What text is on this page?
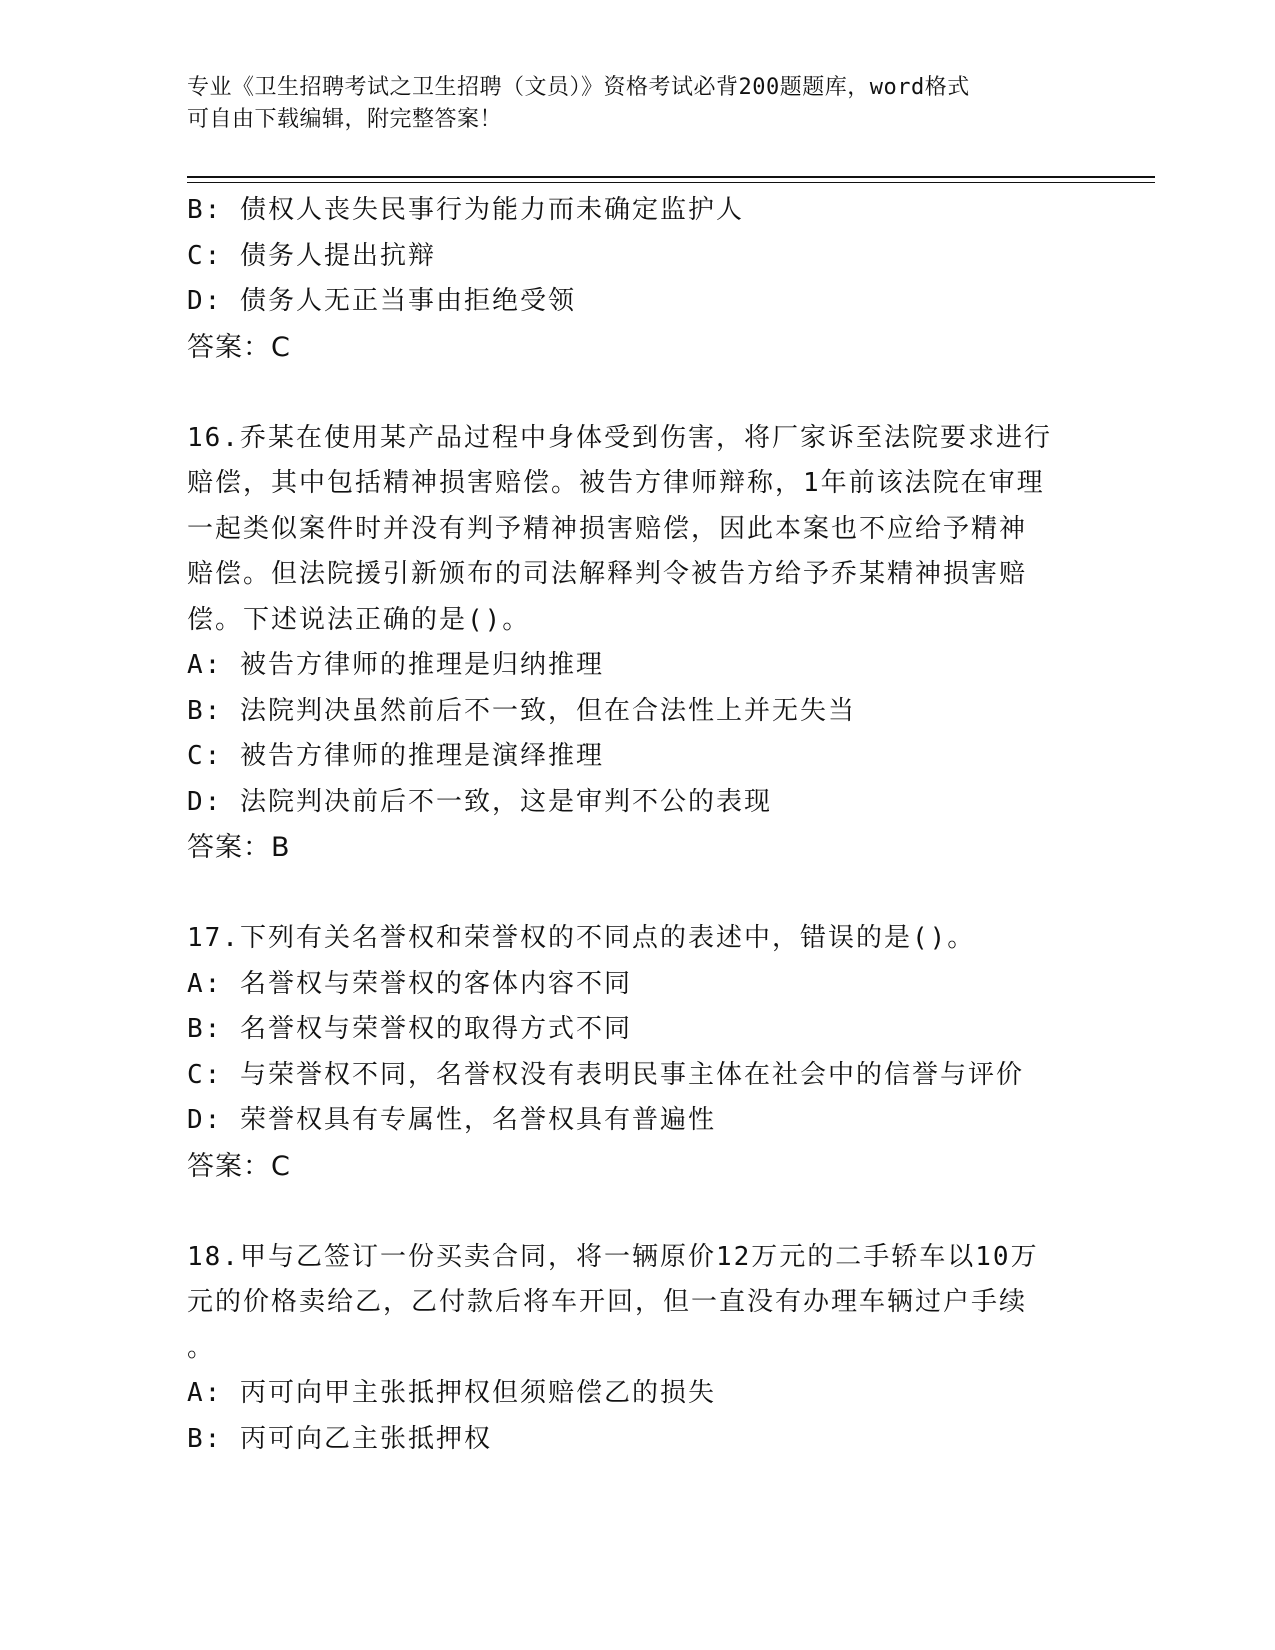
专业《卫生招聘考试之卫生招聘（文员）》资格考试必背200题题库，word格式
可自由下载编辑，附完整答案！
B: 债权人丧失民事行为能力而未确定监护人
C: 债务人提出抗辩
D: 债务人无正当事由拒绝受领
答案：C
16.乔某在使用某产品过程中身体受到伤害，将厂家诉至法院要求进行
赔偿，其中包括精神损害赔偿。被告方律师辩称，1年前该法院在审理
一起类似案件时并没有判予精神损害赔偿，因此本案也不应给予精神
赔偿。但法院援引新颁布的司法解释判令被告方给予乔某精神损害赔
偿。下述说法正确的是()。
A: 被告方律师的推理是归纳推理
B: 法院判决虽然前后不一致，但在合法性上并无失当
C: 被告方律师的推理是演绎推理
D: 法院判决前后不一致，这是审判不公的表现
答案：B
17.下列有关名誉权和荣誉权的不同点的表述中，错误的是()。
A: 名誉权与荣誉权的客体内容不同
B: 名誉权与荣誉权的取得方式不同
C: 与荣誉权不同，名誉权没有表明民事主体在社会中的信誉与评价
D: 荣誉权具有专属性，名誉权具有普遍性
答案：C
18.甲与乙签订一份买卖合同，将一辆原价12万元的二手轿车以10万
元的价格卖给乙，乙付款后将车开回，但一直没有办理车辆过户手续
。
A: 丙可向甲主张抵押权但须赔偿乙的损失
B: 丙可向乙主张抵押权
